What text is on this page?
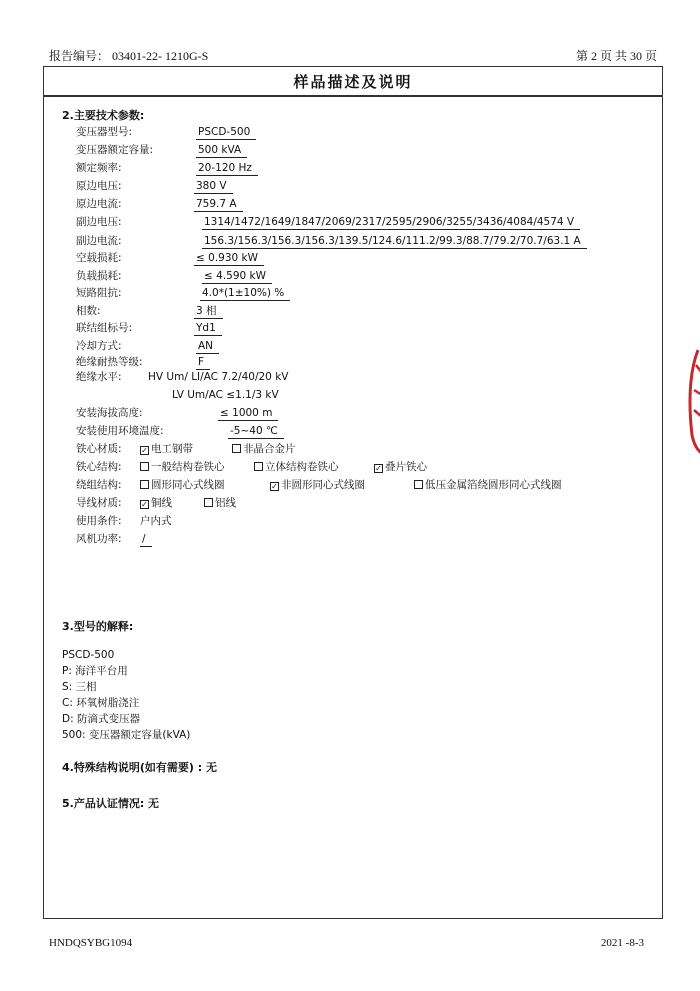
报告编号： 03401-22- 1210G-S	第 2 页 共 30 页
样品描述及说明
2.主要技术参数:
变压器型号:	PSCD-500
变压器额定容量:	500 kVA
额定频率:	20-120 Hz
原边电压:	380 V
原边电流:	759.7 A
副边电压:	1314/1472/1649/1847/2069/2317/2595/2906/3255/3436/4084/4574 V
副边电流:	156.3/156.3/156.3/156.3/139.5/124.6/111.2/99.3/88.7/79.2/70.7/63.1 A
空载损耗:	≤ 0.930 kW
负载损耗:	≤ 4.590 kW
短路阻抗:	4.0*(1±10%) %
相数:	3 相
联结组标号:	Yd1
冷却方式:	AN
绝缘耐热等级:	F
绝缘水平:	HV Um/ LI/AC 7.2/40/20 kV
LV Um/AC ≤1.1/3 kV
安装海拔高度:	≤ 1000 m
安装使用环境温度:	-5~40 ℃
铁心材质: ✓ 电工钢带	非晶合金片
铁心结构:	一般结构卷铁心	立体结构卷铁心	✓ 叠片铁心
绕组结构:	圆形同心式线圈	✓ 非圆形同心式线圈	低压金属箔绕圆形同心式线圈
导线材质: ✓ 铜线	铝线
使用条件: 户内式
风机功率: /
3.型号的解释:
PSCD-500
P: 海洋平台用
S: 三相
C: 环氧树脂浇注
D: 防滴式变压器
500: 变压器额定容量(kVA)
4.特殊结构说明(如有需要) : 无
5.产品认证情况: 无
HNDQSYBG1094	2021 -8-3
